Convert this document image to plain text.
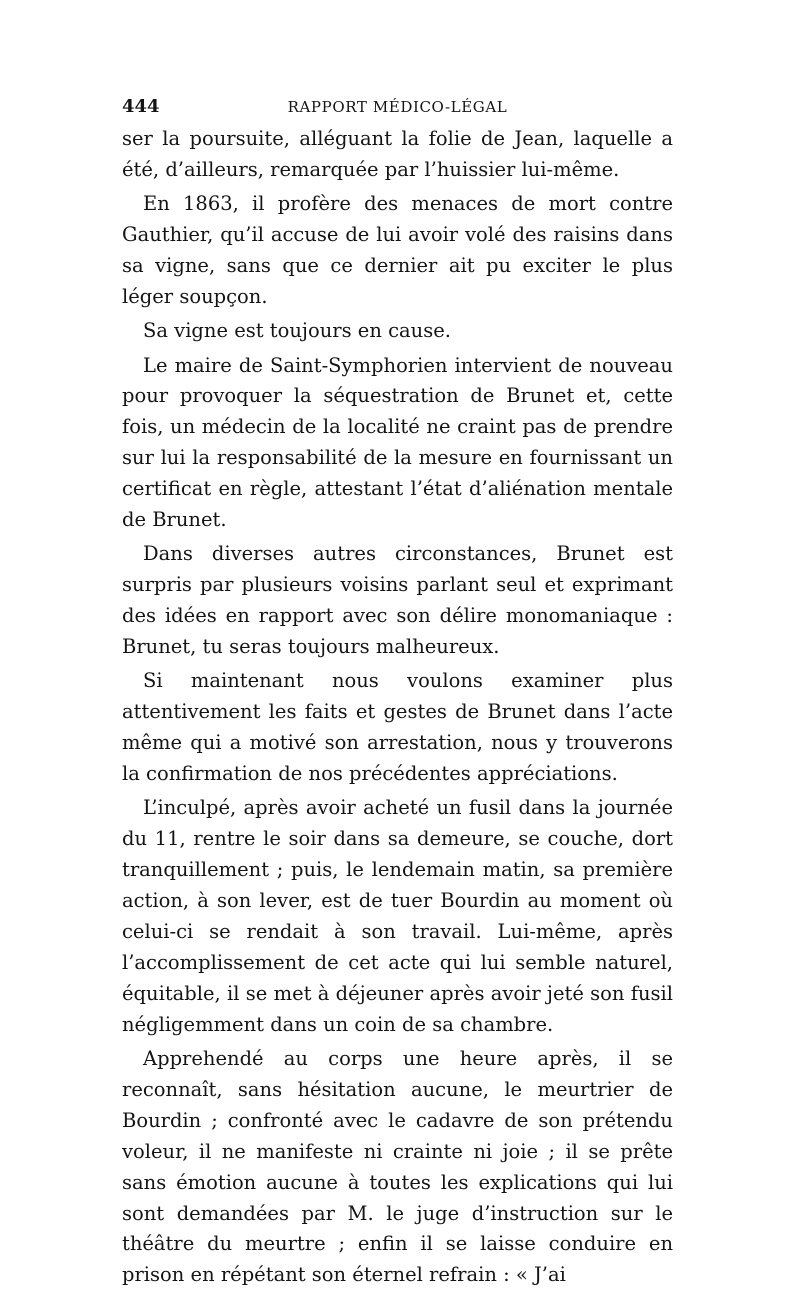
444	RAPPORT MÉDICO-LÉGAL

ser la poursuite, alléguant la folie de Jean, laquelle a été, d’ailleurs, remarquée par l’huissier lui-même.

En 1863, il profère des menaces de mort contre Gauthier, qu’il accuse de lui avoir volé des raisins dans sa vigne, sans que ce dernier ait pu exciter le plus léger soupçon.

Sa vigne est toujours en cause.

Le maire de Saint-Symphorien intervient de nouveau pour provoquer la séquestration de Brunet et, cette fois, un médecin de la localité ne craint pas de prendre sur lui la responsabilité de la mesure en fournissant un certificat en règle, attestant l’état d’aliénation mentale de Brunet.

Dans diverses autres circonstances, Brunet est surpris par plusieurs voisins parlant seul et exprimant des idées en rapport avec son délire monomaniaque : Brunet, tu seras toujours malheureux.

Si maintenant nous voulons examiner plus attentivement les faits et gestes de Brunet dans l’acte même qui a motivé son arrestation, nous y trouverons la confirmation de nos précédentes appréciations.

L’inculpé, après avoir acheté un fusil dans la journée du 11, rentre le soir dans sa demeure, se couche, dort tranquillement ; puis, le lendemain matin, sa première action, à son lever, est de tuer Bourdin au moment où celui-ci se rendait à son travail. Lui-même, après l’accomplissement de cet acte qui lui semble naturel, équitable, il se met à déjeuner après avoir jeté son fusil négligemment dans un coin de sa chambre.

Apprehendé au corps une heure après, il se reconnaît, sans hésitation aucune, le meurtrier de Bourdin ; confronté avec le cadavre de son prétendu voleur, il ne manifeste ni crainte ni joie ; il se prête sans émotion aucune à toutes les explications qui lui sont demandées par M. le juge d’instruction sur le théâtre du meurtre ; enfin il se laisse conduire en prison en répétant son éternel refrain : « J’ai
